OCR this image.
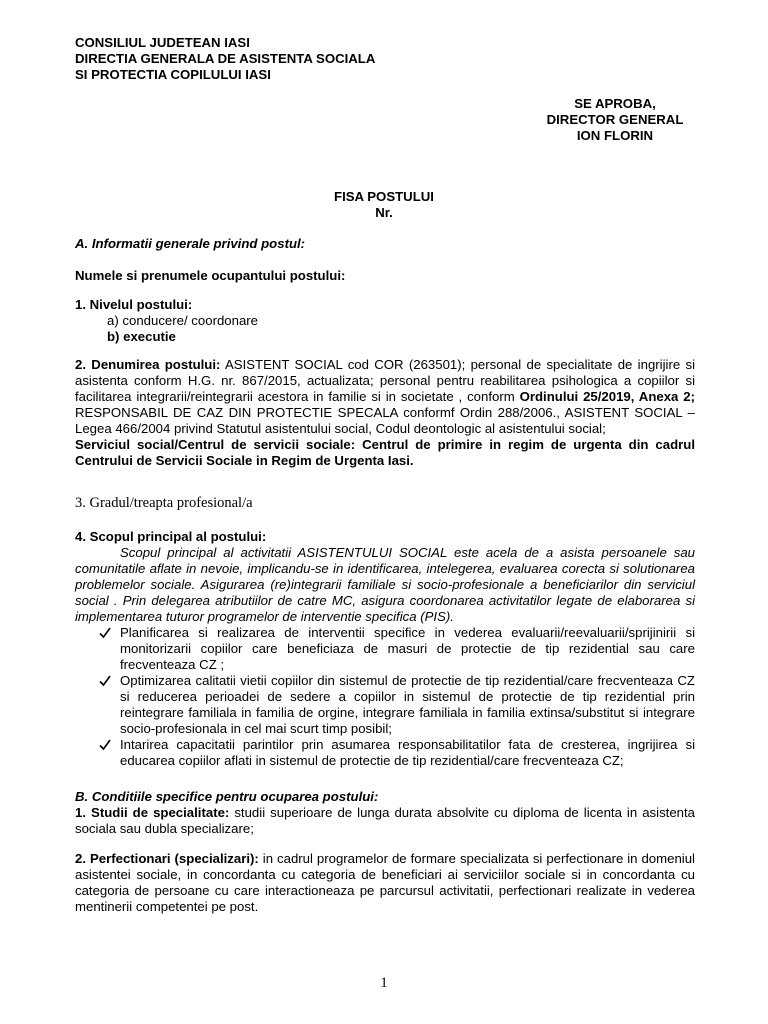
CONSILIUL JUDETEAN IASI
DIRECTIA GENERALA DE ASISTENTA SOCIALA
SI PROTECTIA COPILULUI IASI
SE APROBA,
DIRECTOR GENERAL
ION FLORIN
FISA POSTULUI
Nr.
A. Informatii generale privind postul:
Numele si prenumele ocupantului postului:
1. Nivelul postului:
a) conducere/ coordonare
b) executie
2. Denumirea postului: ASISTENT SOCIAL cod COR (263501); personal de specialitate de ingrijire si asistenta conform H.G. nr. 867/2015, actualizata; personal pentru reabilitarea psihologica a copiilor si facilitarea integrarii/reintegrarii acestora in familie si in societate , conform Ordinului 25/2019, Anexa 2; RESPONSABIL DE CAZ DIN PROTECTIE SPECALA conformf Ordin 288/2006., ASISTENT SOCIAL – Legea 466/2004 privind Statutul asistentului social, Codul deontologic al asistentului social;
Serviciul social/Centrul de servicii sociale: Centrul de primire in regim de urgenta din cadrul Centrului de Servicii Sociale in Regim de Urgenta Iasi.
3. Gradul/treapta profesional/a
4. Scopul principal al postului:
Scopul principal al activitatii ASISTENTULUI SOCIAL este acela de a asista persoanele sau comunitatile aflate in nevoie, implicandu-se in identificarea, intelegerea, evaluarea corecta si solutionarea problemelor sociale. Asigurarea (re)integrarii familiale si socio-profesionale a beneficiarilor din serviciul social . Prin delegarea atributiilor de catre MC, asigura coordonarea activitatilor legate de elaborarea si implementarea tuturor programelor de interventie specifica (PIS).
Planificarea si realizarea de interventii specifice in vederea evaluarii/reevaluarii/sprijinirii si monitorizarii copiilor care beneficiaza de masuri de protectie de tip rezidential sau care frecventeaza CZ ;
Optimizarea calitatii vietii copiilor din sistemul de protectie de tip rezidential/care frecventeaza CZ si reducerea perioadei de sedere a copiilor in sistemul de protectie de tip rezidential prin reintegrare familiala in familia de orgine, integrare familiala in familia extinsa/substitut si integrare socio-profesionala in cel mai scurt timp posibil;
Intarirea capacitatii parintilor prin asumarea responsabilitatilor fata de cresterea, ingrijirea si educarea copiilor aflati in sistemul de protectie de tip rezidential/care frecventeaza CZ;
B. Conditiile specifice pentru ocuparea postului:
1. Studii de specialitate: studii superioare de lunga durata absolvite cu diploma de licenta in asistenta sociala sau dubla specializare;
2. Perfectionari (specializari): in cadrul programelor de formare specializata si perfectionare in domeniul asistentei sociale, in concordanta cu categoria de beneficiari ai serviciilor sociale si in concordanta cu categoria de persoane cu care interactioneaza pe parcursul activitatii, perfectionari realizate in vederea mentinerii competentei pe post.
1
